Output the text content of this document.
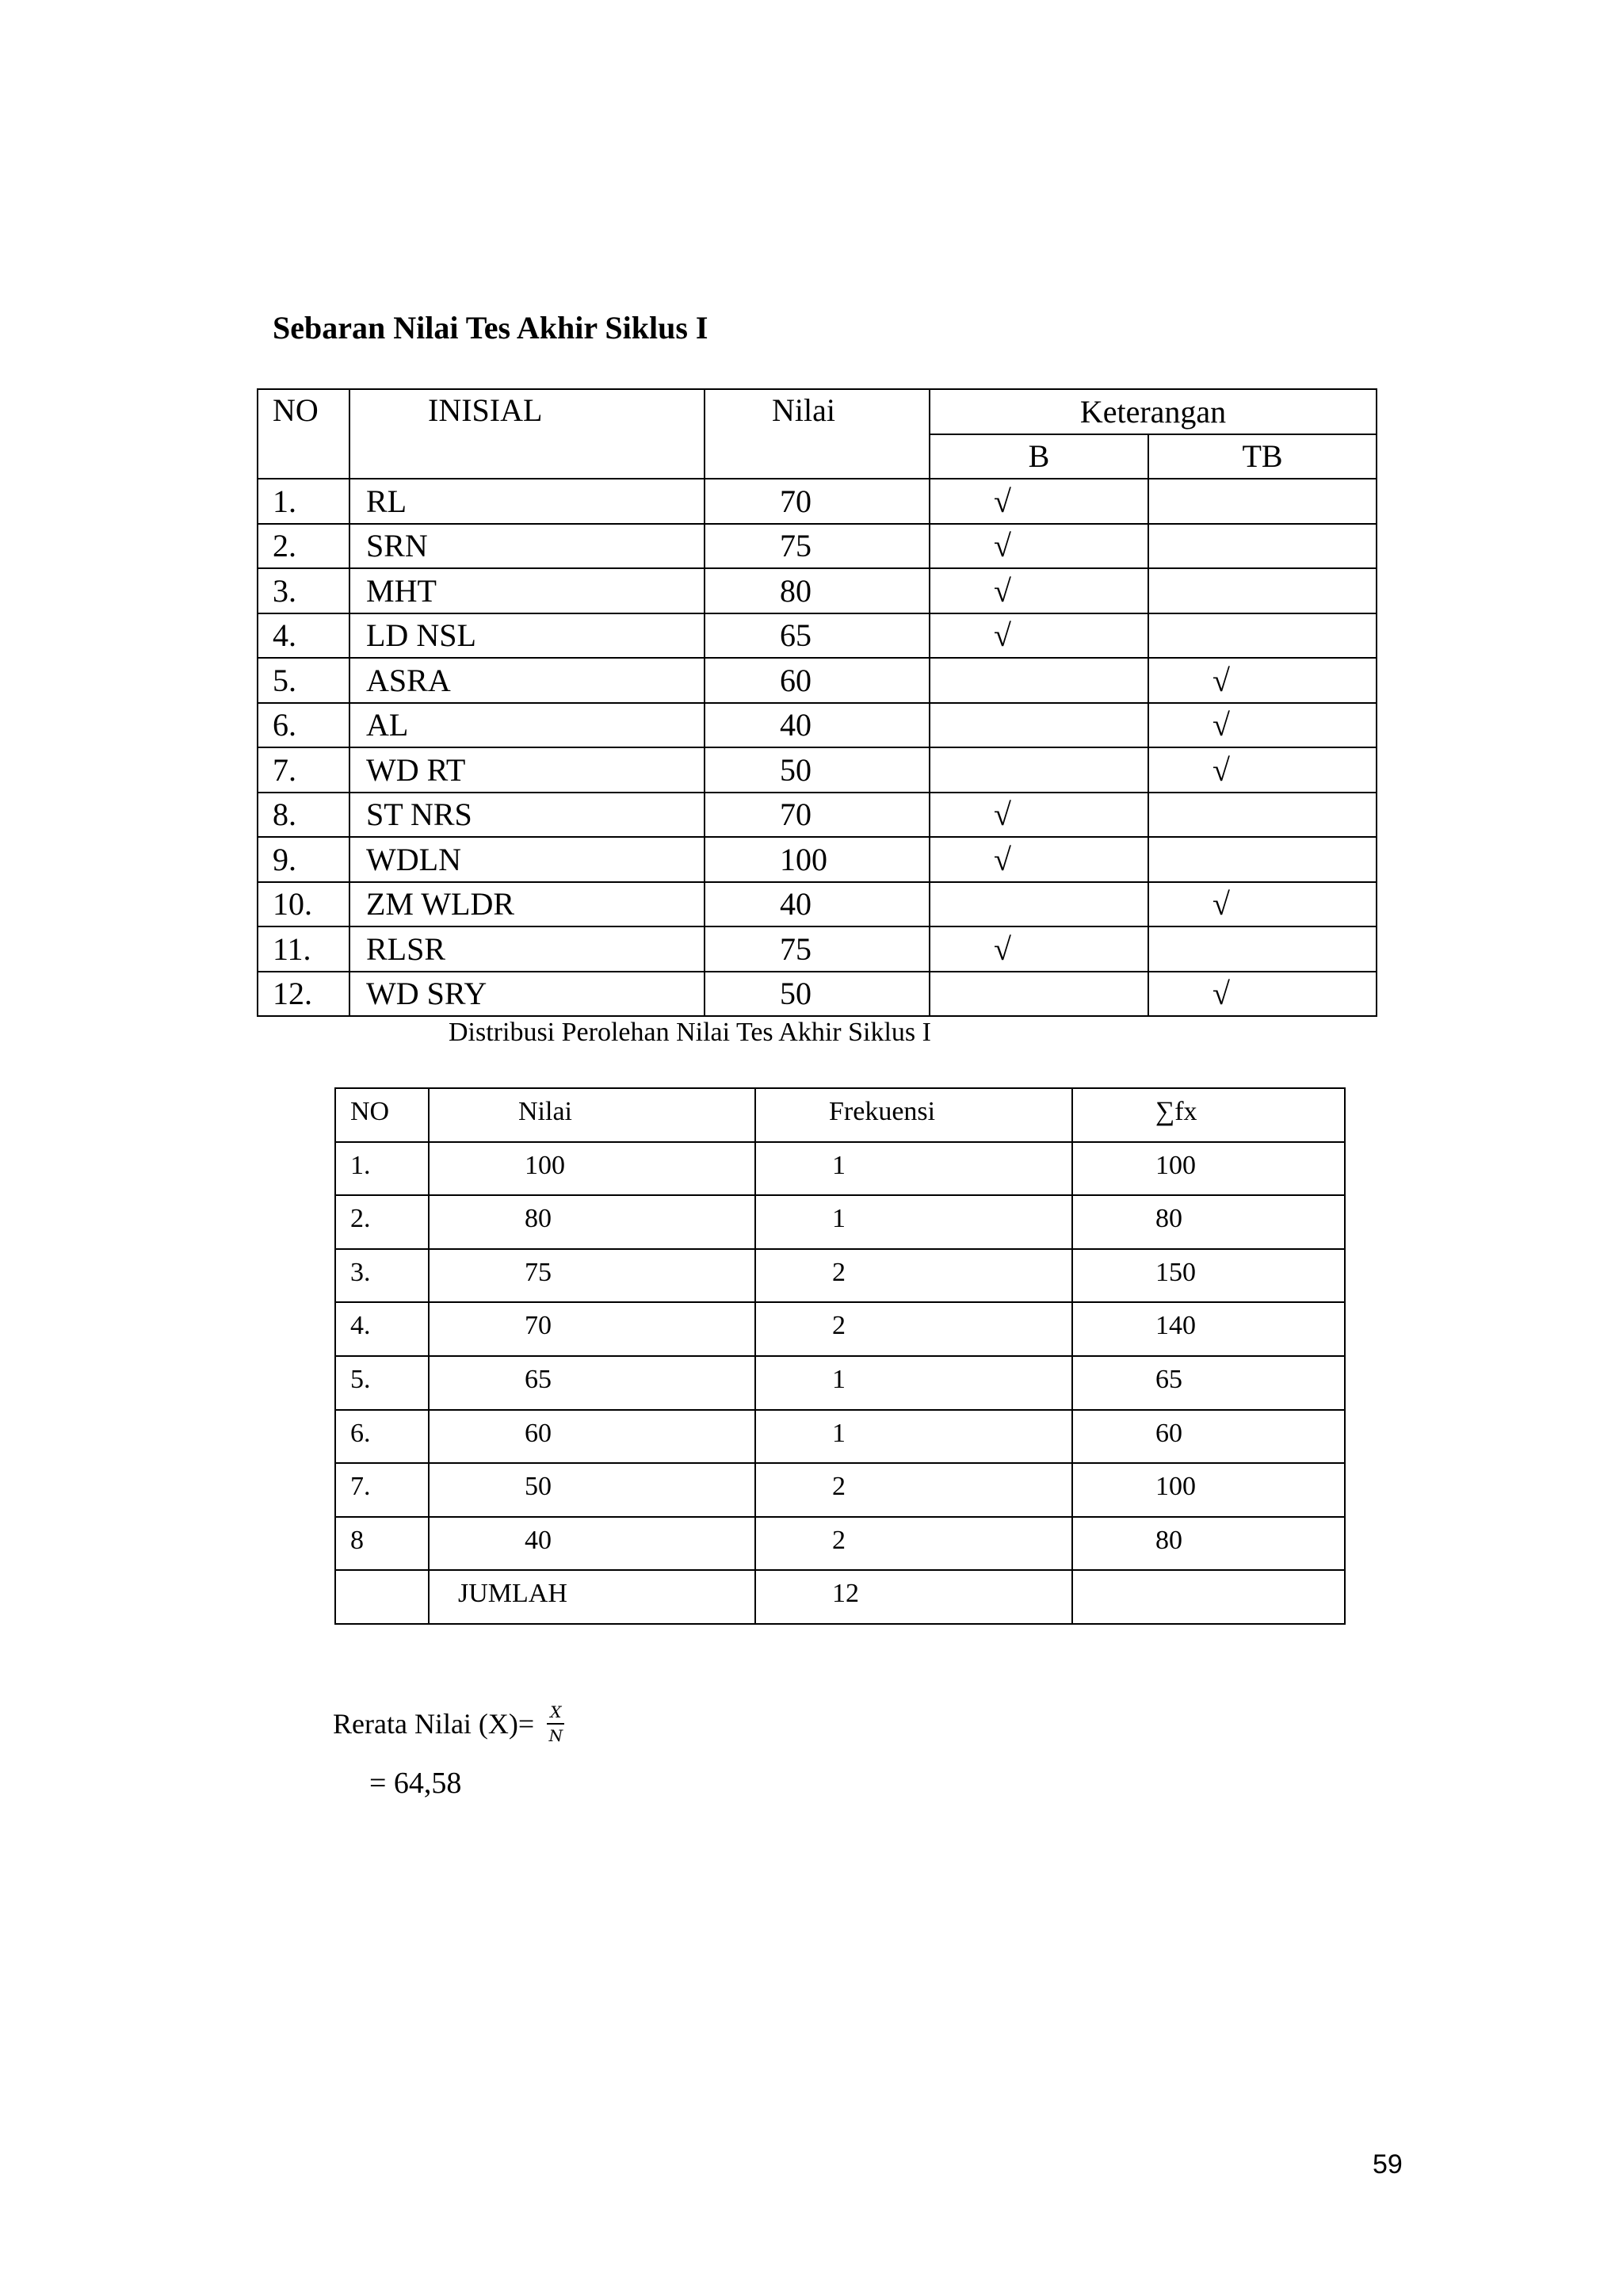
Sebaran Nilai Tes Akhir Siklus I
NO	INISIAL	Nilai	Keterangan	
			B	TB
1.	RL	70	√	
2.	SRN	75	√	
3.	MHT	80	√	
4.	LD NSL	65	√	
5.	ASRA	60		√
6.	AL	40		√
7.	WD RT	50		√
8.	ST NRS	70	√	
9.	WDLN	100	√	
10.	ZM WLDR	40		√
11.	RLSR	75	√	
12.	WD SRY	50		√

Distribusi Perolehan Nilai Tes Akhir Siklus I

NO	Nilai	Frekuensi	∑fx
1.	100	1	100
2.	80	1	80
3.	75	2	150
4.	70	2	140
5.	65	1	65
6.	60	1	60
7.	50	2	100
8	40	2	80
	JUMLAH	12	
Rerata Nilai $(X)= \frac{X}{N}$

= 64,58

59
